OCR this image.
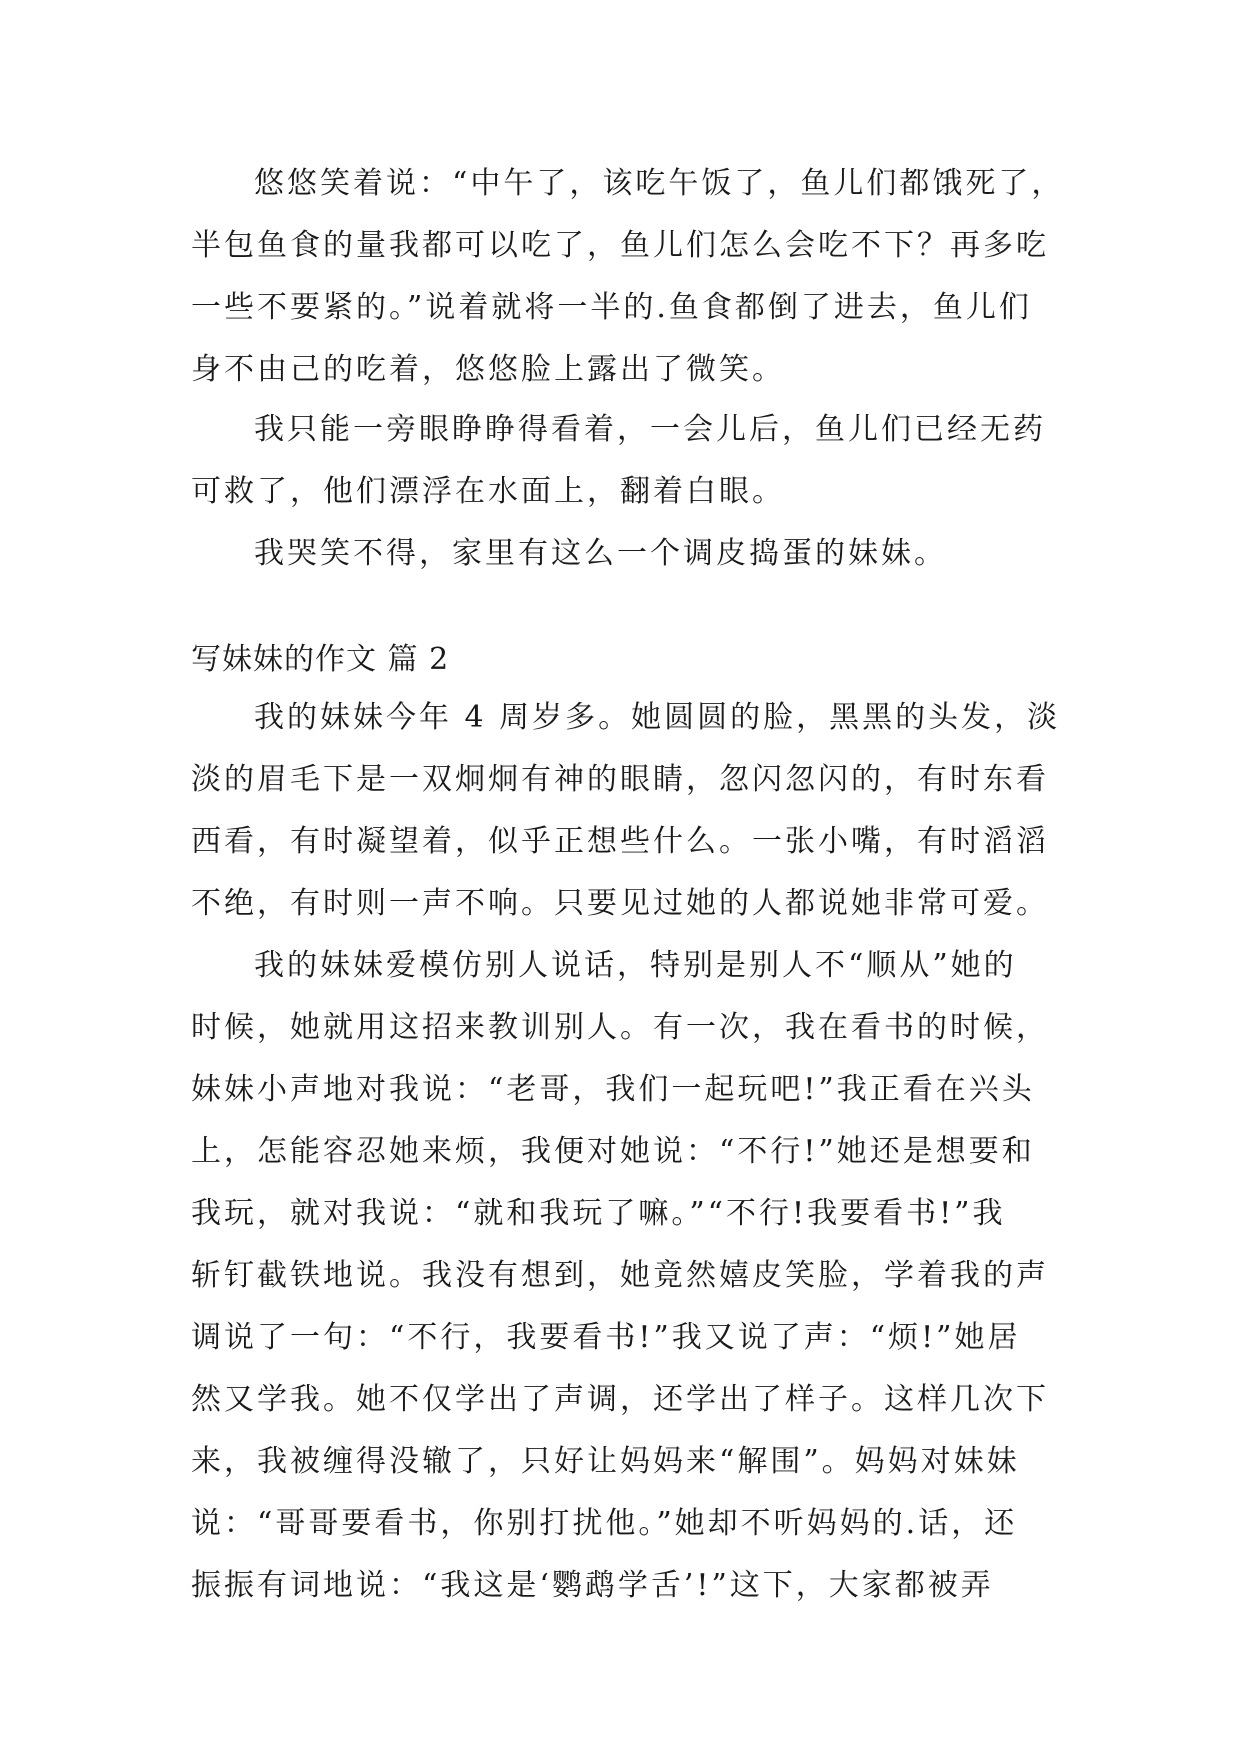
悠悠笑着说：“中午了，该吃午饭了，鱼儿们都饿死了，
半包鱼食的量我都可以吃了，鱼儿们怎么会吃不下？再多吃
一些不要紧的。”说着就将一半的.鱼食都倒了进去，鱼儿们
身不由己的吃着，悠悠脸上露出了微笑。
我只能一旁眼睁睁得看着，一会儿后，鱼儿们已经无药
可救了，他们漂浮在水面上，翻着白眼。
我哭笑不得，家里有这么一个调皮捣蛋的妹妹。
写妹妹的作文 篇 2
我的妹妹今年 4 周岁多。她圆圆的脸，黑黑的头发，淡
淡的眉毛下是一双炯炯有神的眼睛，忽闪忽闪的，有时东看
西看，有时凝望着，似乎正想些什么。一张小嘴，有时滔滔
不绝，有时则一声不响。只要见过她的人都说她非常可爱。
我的妹妹爱模仿别人说话，特别是别人不“顺从”她的
时候，她就用这招来教训别人。有一次，我在看书的时候，
妹妹小声地对我说：“老哥，我们一起玩吧!”我正看在兴头
上，怎能容忍她来烦，我便对她说：“不行!”她还是想要和
我玩，就对我说：“就和我玩了嘛。”“不行!我要看书!”我
斩钉截铁地说。我没有想到，她竟然嬉皮笑脸，学着我的声
调说了一句：“不行，我要看书!”我又说了声：“烦!”她居
然又学我。她不仅学出了声调，还学出了样子。这样几次下
来，我被缠得没辙了，只好让妈妈来“解围”。妈妈对妹妹
说：“哥哥要看书，你别打扰他。”她却不听妈妈的.话，还
振振有词地说：“我这是‘鹦鹉学舌’!”这下，大家都被弄
